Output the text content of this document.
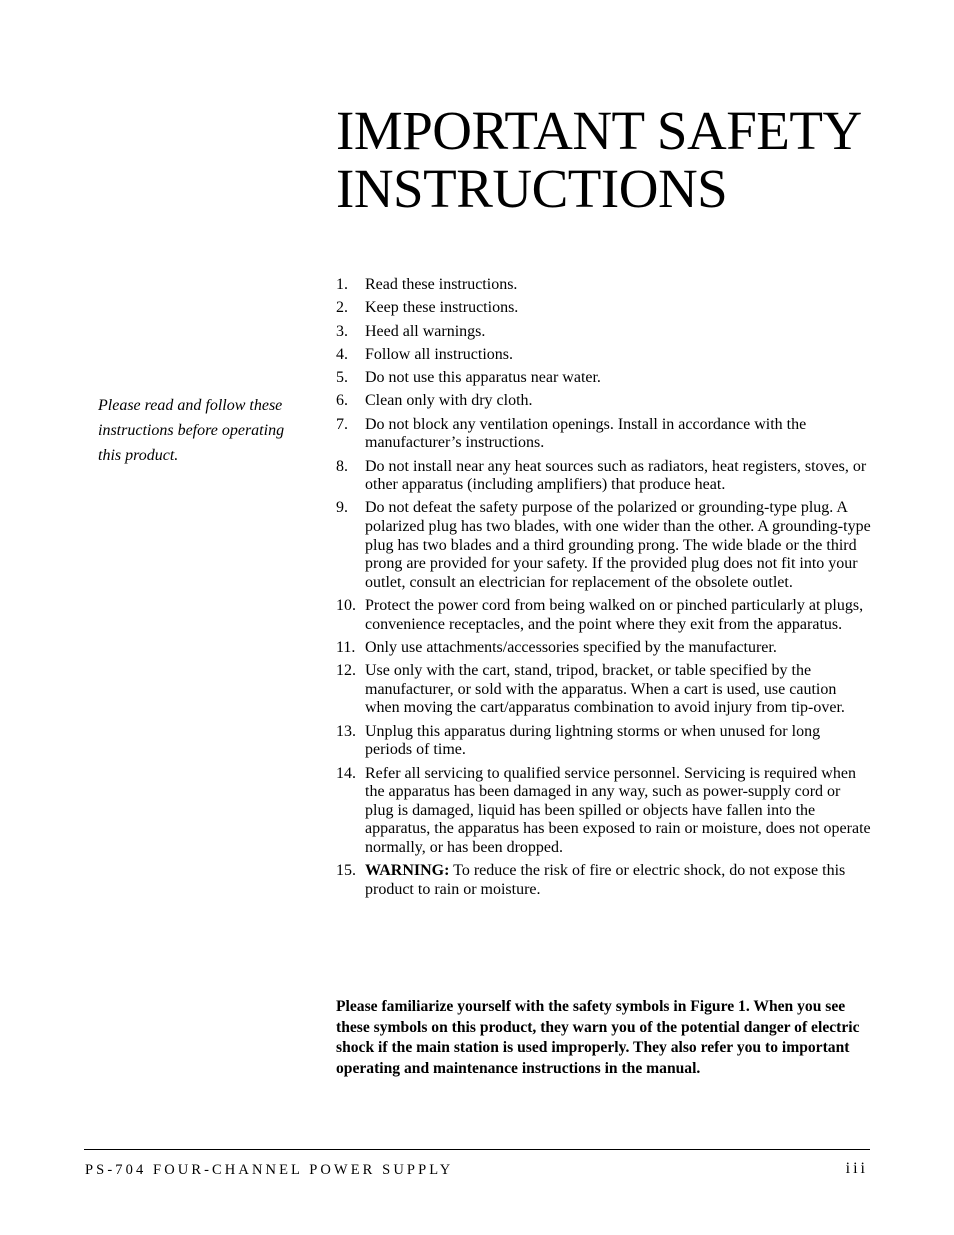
IMPORTANT SAFETY INSTRUCTIONS
Please read and follow these instructions before operating this product.
1.	Read these instructions.
2.	Keep these instructions.
3.	Heed all warnings.
4.	Follow all instructions.
5.	Do not use this apparatus near water.
6.	Clean only with dry cloth.
7.	Do not block any ventilation openings. Install in accordance with the manufacturer’s instructions.
8.	Do not install near any heat sources such as radiators, heat registers, stoves, or other apparatus (including amplifiers) that produce heat.
9.	Do not defeat the safety purpose of the polarized or grounding-type plug. A polarized plug has two blades, with one wider than the other. A grounding-type plug has two blades and a third grounding prong. The wide blade or the third prong are provided for your safety. If the provided plug does not fit into your outlet, consult an electrician for replacement of the obsolete outlet.
10. Protect the power cord from being walked on or pinched particularly at plugs, convenience receptacles, and the point where they exit from the apparatus.
11. Only use attachments/accessories specified by the manufacturer.
12. Use only with the cart, stand, tripod, bracket, or table specified by the manufacturer, or sold with the apparatus. When a cart is used, use caution when moving the cart/apparatus combination to avoid injury from tip-over.
13. Unplug this apparatus during lightning storms or when unused for long periods of time.
14. Refer all servicing to qualified service personnel. Servicing is required when the apparatus has been damaged in any way, such as power-supply cord or plug is damaged, liquid has been spilled or objects have fallen into the apparatus, the apparatus has been exposed to rain or moisture, does not operate normally, or has been dropped.
15. WARNING: To reduce the risk of fire or electric shock, do not expose this product to rain or moisture.

Please familiarize yourself with the safety symbols in Figure 1. When you see these symbols on this product, they warn you of the potential danger of electric shock if the main station is used improperly. They also refer you to important operating and maintenance instructions in the manual.

PS-704 FOUR-CHANNEL POWER SUPPLY	iii
